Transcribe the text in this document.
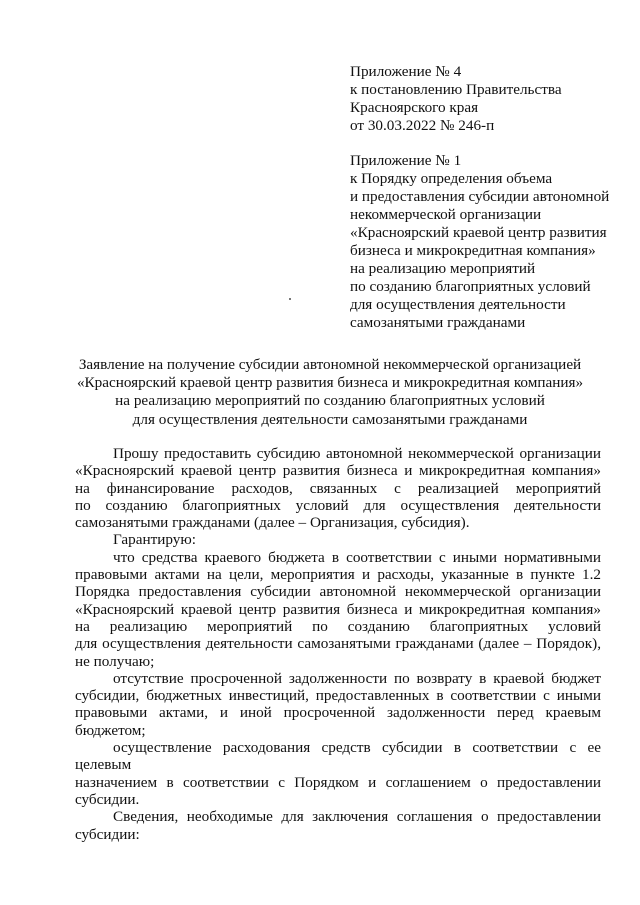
Приложение № 4
к постановлению Правительства
Красноярского края
от 30.03.2022 № 246-п
Приложение № 1
к Порядку определения объема
и предоставления субсидии автономной
некоммерческой организации
«Красноярский краевой центр развития
бизнеса и микрокредитная компания»
на реализацию мероприятий
по созданию благоприятных условий
для осуществления деятельности
самозанятыми гражданами
Заявление на получение субсидии автономной некоммерческой организацией
«Красноярский краевой центр развития бизнеса и микрокредитная компания»
на реализацию мероприятий по созданию благоприятных условий
для осуществления деятельности самозанятыми гражданами

Прошу предоставить субсидию автономной некоммерческой организации

«Красноярский краевой центр развития бизнеса и микрокредитная компания»

на финансирование расходов, связанных с реализацией мероприятий

по созданию благоприятных условий для осуществления деятельности

самозанятыми гражданами (далее – Организация, субсидия).

Гарантирую:

что средства краевого бюджета в соответствии с иными нормативными

правовыми актами на цели, мероприятия и расходы, указанные в пункте 1.2

Порядка предоставления субсидии автономной некоммерческой организации

«Красноярский краевой центр развития бизнеса и микрокредитная компания»

на реализацию мероприятий по созданию благоприятных условий

для осуществления деятельности самозанятыми гражданами (далее – Порядок),

не получаю;

отсутствие просроченной задолженности по возврату в краевой бюджет

субсидии, бюджетных инвестиций, предоставленных в соответствии с иными

правовыми актами, и иной просроченной задолженности перед краевым

бюджетом;

осуществление расходования средств субсидии в соответствии с ее целевым

назначением в соответствии с Порядком и соглашением о предоставлении

субсидии.

Сведения, необходимые для заключения соглашения о предоставлении

субсидии:
